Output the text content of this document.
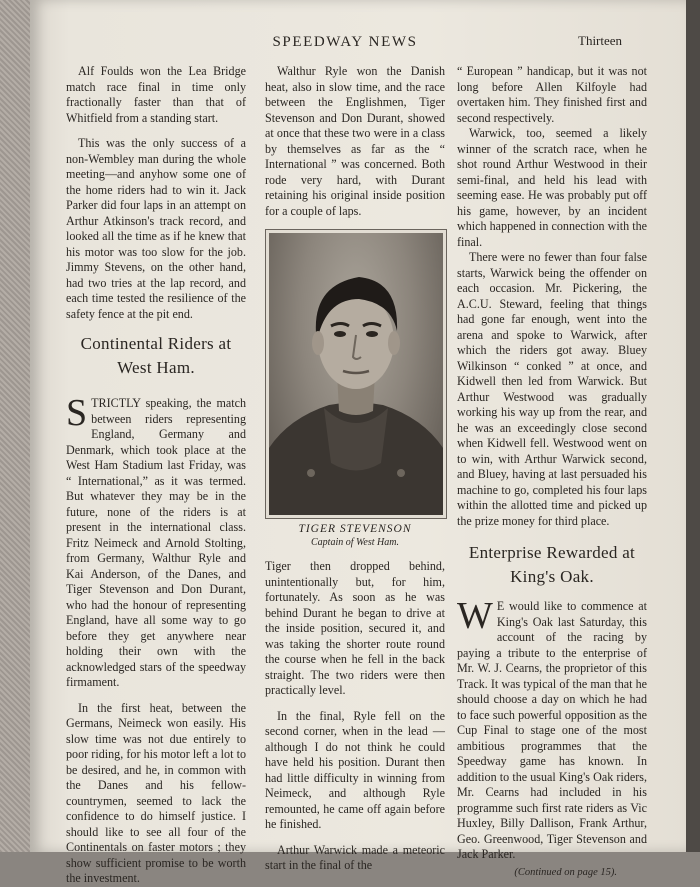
SPEEDWAY NEWS	Thirteen

Alf Foulds won the Lea Bridge match race final in time only fractionally faster than that of Whitfield from a standing start.

This was the only success of a non-Wembley man during the whole meeting—and anyhow some one of the home riders had to win it. Jack Parker did four laps in an attempt on Arthur Atkinson's track record, and looked all the time as if he knew that his motor was too slow for the job. Jimmy Stevens, on the other hand, had two tries at the lap record, and each time tested the resilience of the safety fence at the pit end.

Continental Riders at West Ham.

STRICTLY speaking, the match between riders representing England, Germany and Denmark, which took place at the West Ham Stadium last Friday, was “ International,” as it was termed. But whatever they may be in the future, none of the riders is at present in the international class. Fritz Neimeck and Arnold Stolting, from Germany, Walthur Ryle and Kai Anderson, of the Danes, and Tiger Stevenson and Don Durant, who had the honour of representing England, have all some way to go before they get anywhere near holding their own with the acknowledged stars of the speedway firmament.

In the first heat, between the Germans, Neimeck won easily. His slow time was not due entirely to poor riding, for his motor left a lot to be desired, and he, in common with the Danes and his fellow-countrymen, seemed to lack the confidence to do himself justice. I should like to see all four of the Continentals on faster motors ; they show sufficient promise to be worth the investment.

Walthur Ryle won the Danish heat, also in slow time, and the race between the Englishmen, Tiger Stevenson and Don Durant, showed at once that these two were in a class by themselves as far as the “ International ” was concerned. Both rode very hard, with Durant retaining his original inside position for a couple of laps.

TIGER STEVENSON
Captain of West Ham.

Tiger then dropped behind, unintentionally but, for him, fortunately. As soon as he was behind Durant he began to drive at the inside position, secured it, and was taking the shorter route round the course when he fell in the back straight. The two riders were then practically level.

In the final, Ryle fell on the second corner, when in the lead —although I do not think he could have held his position. Durant then had little difficulty in winning from Neimeck, and although Ryle remounted, he came off again before he finished.

Arthur Warwick made a meteoric start in the final of the

“ European ” handicap, but it was not long before Allen Kilfoyle had overtaken him. They finished first and second respectively.

Warwick, too, seemed a likely winner of the scratch race, when he shot round Arthur Westwood in their semi-final, and held his lead with seeming ease. He was probably put off his game, however, by an incident which happened in connection with the final.

There were no fewer than four false starts, Warwick being the offender on each occasion. Mr. Pickering, the A.C.U. Steward, feeling that things had gone far enough, went into the arena and spoke to Warwick, after which the riders got away. Bluey Wilkinson “ conked ” at once, and Kidwell then led from Warwick. But Arthur Westwood was gradually working his way up from the rear, and he was an exceedingly close second when Kidwell fell. Westwood went on to win, with Arthur Warwick second, and Bluey, having at last persuaded his machine to go, completed his four laps within the allotted time and picked up the prize money for third place.

Enterprise Rewarded at King's Oak.

W E would like to commence at King's Oak last Saturday, this account of the racing by paying a tribute to the enterprise of Mr. W. J. Cearns, the proprietor of this Track. It was typical of the man that he should choose a day on which he had to face such powerful opposition as the Cup Final to stage one of the most ambitious programmes that the Speedway game has known. In addition to the usual King's Oak riders, Mr. Cearns had included in his programme such first rate riders as Vic Huxley, Billy Dallison, Frank Arthur, Geo. Greenwood, Tiger Stevenson and Jack Parker.

(Continued on page 15).
